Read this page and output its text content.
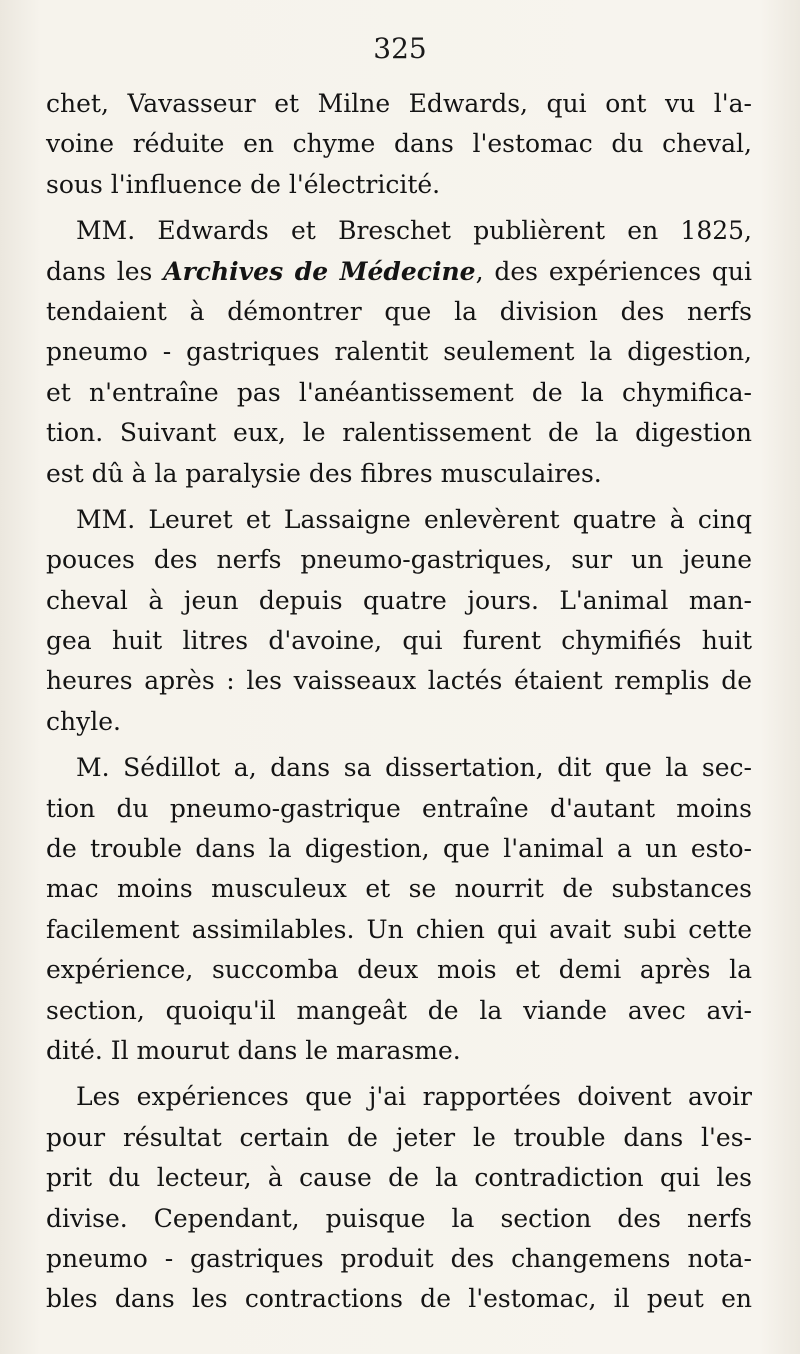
325
chet, Vavasseur et Milne Edwards, qui ont vu l'a-
voine réduite en chyme dans l'estomac du cheval,
sous l'influence de l'électricité.
MM. Edwards et Breschet publièrent en 1825,
dans les Archives de Médecine, des expériences qui
tendaient à démontrer que la division des nerfs
pneumo - gastriques ralentit seulement la digestion,
et n'entraîne pas l'anéantissement de la chymifica-
tion. Suivant eux, le ralentissement de la digestion
est dû à la paralysie des fibres musculaires.
MM. Leuret et Lassaigne enlevèrent quatre à cinq
pouces des nerfs pneumo-gastriques, sur un jeune
cheval à jeun depuis quatre jours. L'animal man-
gea huit litres d'avoine, qui furent chymifiés huit
heures après : les vaisseaux lactés étaient remplis de
chyle.
M. Sédillot a, dans sa dissertation, dit que la sec-
tion du pneumo-gastrique entraîne d'autant moins
de trouble dans la digestion, que l'animal a un esto-
mac moins musculeux et se nourrit de substances
facilement assimilables. Un chien qui avait subi cette
expérience, succomba deux mois et demi après la
section, quoiqu'il mangeât de la viande avec avi-
dité. Il mourut dans le marasme.
Les expériences que j'ai rapportées doivent avoir
pour résultat certain de jeter le trouble dans l'es-
prit du lecteur, à cause de la contradiction qui les
divise. Cependant, puisque la section des nerfs
pneumo - gastriques produit des changemens nota-
bles dans les contractions de l'estomac, il peut en
